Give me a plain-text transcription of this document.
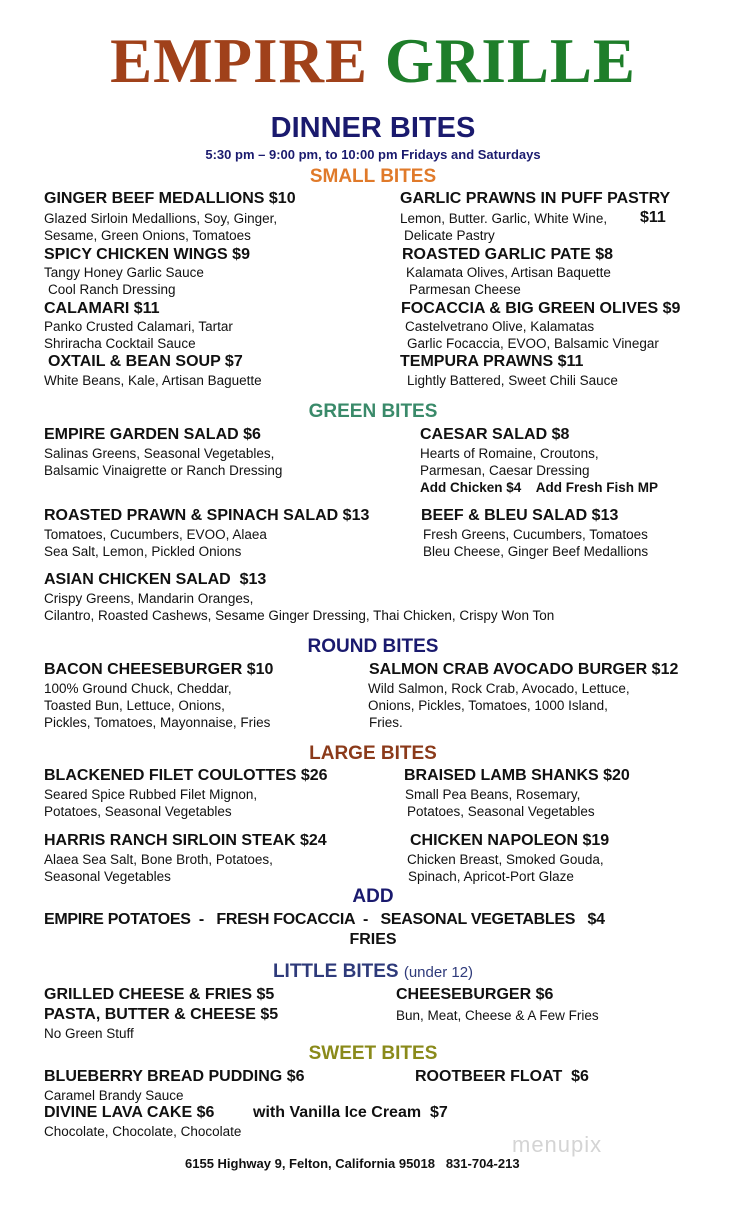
EMPIRE GRILLE
DINNER BITES
5:30 pm – 9:00 pm, to 10:00 pm Fridays and Saturdays
SMALL BITES
GINGER BEEF MEDALLIONS $10
Glazed Sirloin Medallions, Soy, Ginger,
Sesame, Green Onions, Tomatoes
SPICY CHICKEN WINGS $9
Tangy Honey Garlic Sauce
Cool Ranch Dressing
CALAMARI $11
Panko Crusted Calamari, Tartar
Shriracha Cocktail Sauce
OXTAIL & BEAN SOUP $7
White Beans, Kale, Artisan Baguette
GARLIC PRAWNS IN PUFF PASTRY
Lemon, Butter. Garlic, White Wine, $11
Delicate Pastry
ROASTED GARLIC PATE $8
Kalamata Olives, Artisan Baquette
Parmesan Cheese
FOCACCIA & BIG GREEN OLIVES $9
Castelvetrano Olive, Kalamatas
Garlic Focaccia, EVOO, Balsamic Vinegar
TEMPURA PRAWNS $11
Lightly Battered, Sweet Chili Sauce
GREEN BITES
EMPIRE GARDEN SALAD $6
Salinas Greens, Seasonal Vegetables,
Balsamic Vinaigrette or Ranch Dressing
CAESAR SALAD $8
Hearts of Romaine, Croutons,
Parmesan, Caesar Dressing
Add Chicken $4    Add Fresh Fish MP
ROASTED PRAWN & SPINACH SALAD $13
Tomatoes, Cucumbers, EVOO, Alaea
Sea Salt, Lemon, Pickled Onions
BEEF & BLEU SALAD $13
Fresh Greens, Cucumbers, Tomatoes
Bleu Cheese, Ginger Beef Medallions
ASIAN CHICKEN SALAD  $13
Crispy Greens, Mandarin Oranges,
Cilantro, Roasted Cashews, Sesame Ginger Dressing, Thai Chicken, Crispy Won Ton
ROUND BITES
BACON CHEESEBURGER $10
100% Ground Chuck, Cheddar,
Toasted Bun, Lettuce, Onions,
Pickles, Tomatoes, Mayonnaise, Fries
SALMON CRAB AVOCADO BURGER $12
Wild Salmon, Rock Crab, Avocado, Lettuce,
Onions, Pickles, Tomatoes, 1000 Island,
Fries.
LARGE BITES
BLACKENED FILET COULOTTES $26
Seared Spice Rubbed Filet Mignon,
Potatoes, Seasonal Vegetables
BRAISED LAMB SHANKS $20
Small Pea Beans, Rosemary,
Potatoes, Seasonal Vegetables
HARRIS RANCH SIRLOIN STEAK $24
Alaea Sea Salt, Bone Broth, Potatoes,
Seasonal Vegetables
CHICKEN NAPOLEON $19
Chicken Breast, Smoked Gouda,
Spinach, Apricot-Port Glaze
ADD
EMPIRE POTATOES  -   FRESH FOCACCIA  -   SEASONAL VEGETABLES   $4
FRIES
LITTLE BITES (under 12)
GRILLED CHEESE & FRIES $5
PASTA, BUTTER & CHEESE $5
No Green Stuff
CHEESEBURGER $6
Bun, Meat, Cheese & A Few Fries
SWEET BITES
BLUEBERRY BREAD PUDDING $6
Caramel Brandy Sauce
ROOTBEER FLOAT  $6
DIVINE LAVA CAKE $6 with Vanilla Ice Cream  $7
Chocolate, Chocolate, Chocolate
menupix
6155 Highway 9, Felton, California 95018   831-704-213
